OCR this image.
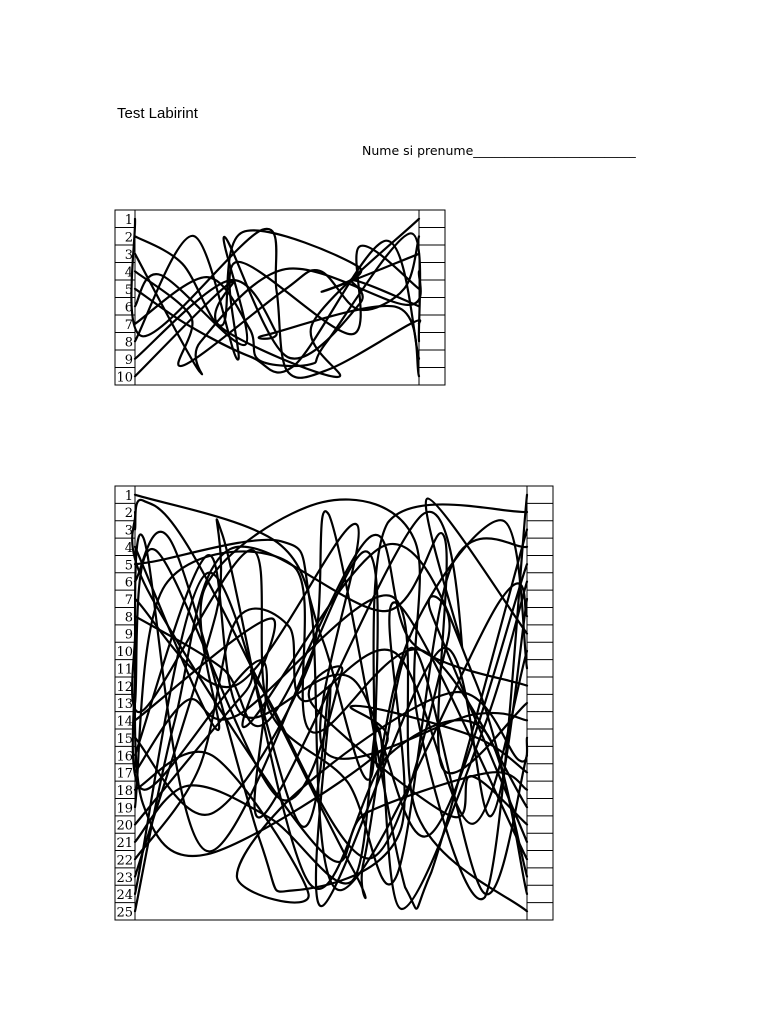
Test Labirint
Nume si prenume__________________________
1
2
3
4
5
6
7
8
9
10
1
2
3
4
5
6
7
8
9
10
11
12
13
14
15
16
17
18
19
20
21
22
23
24
25
